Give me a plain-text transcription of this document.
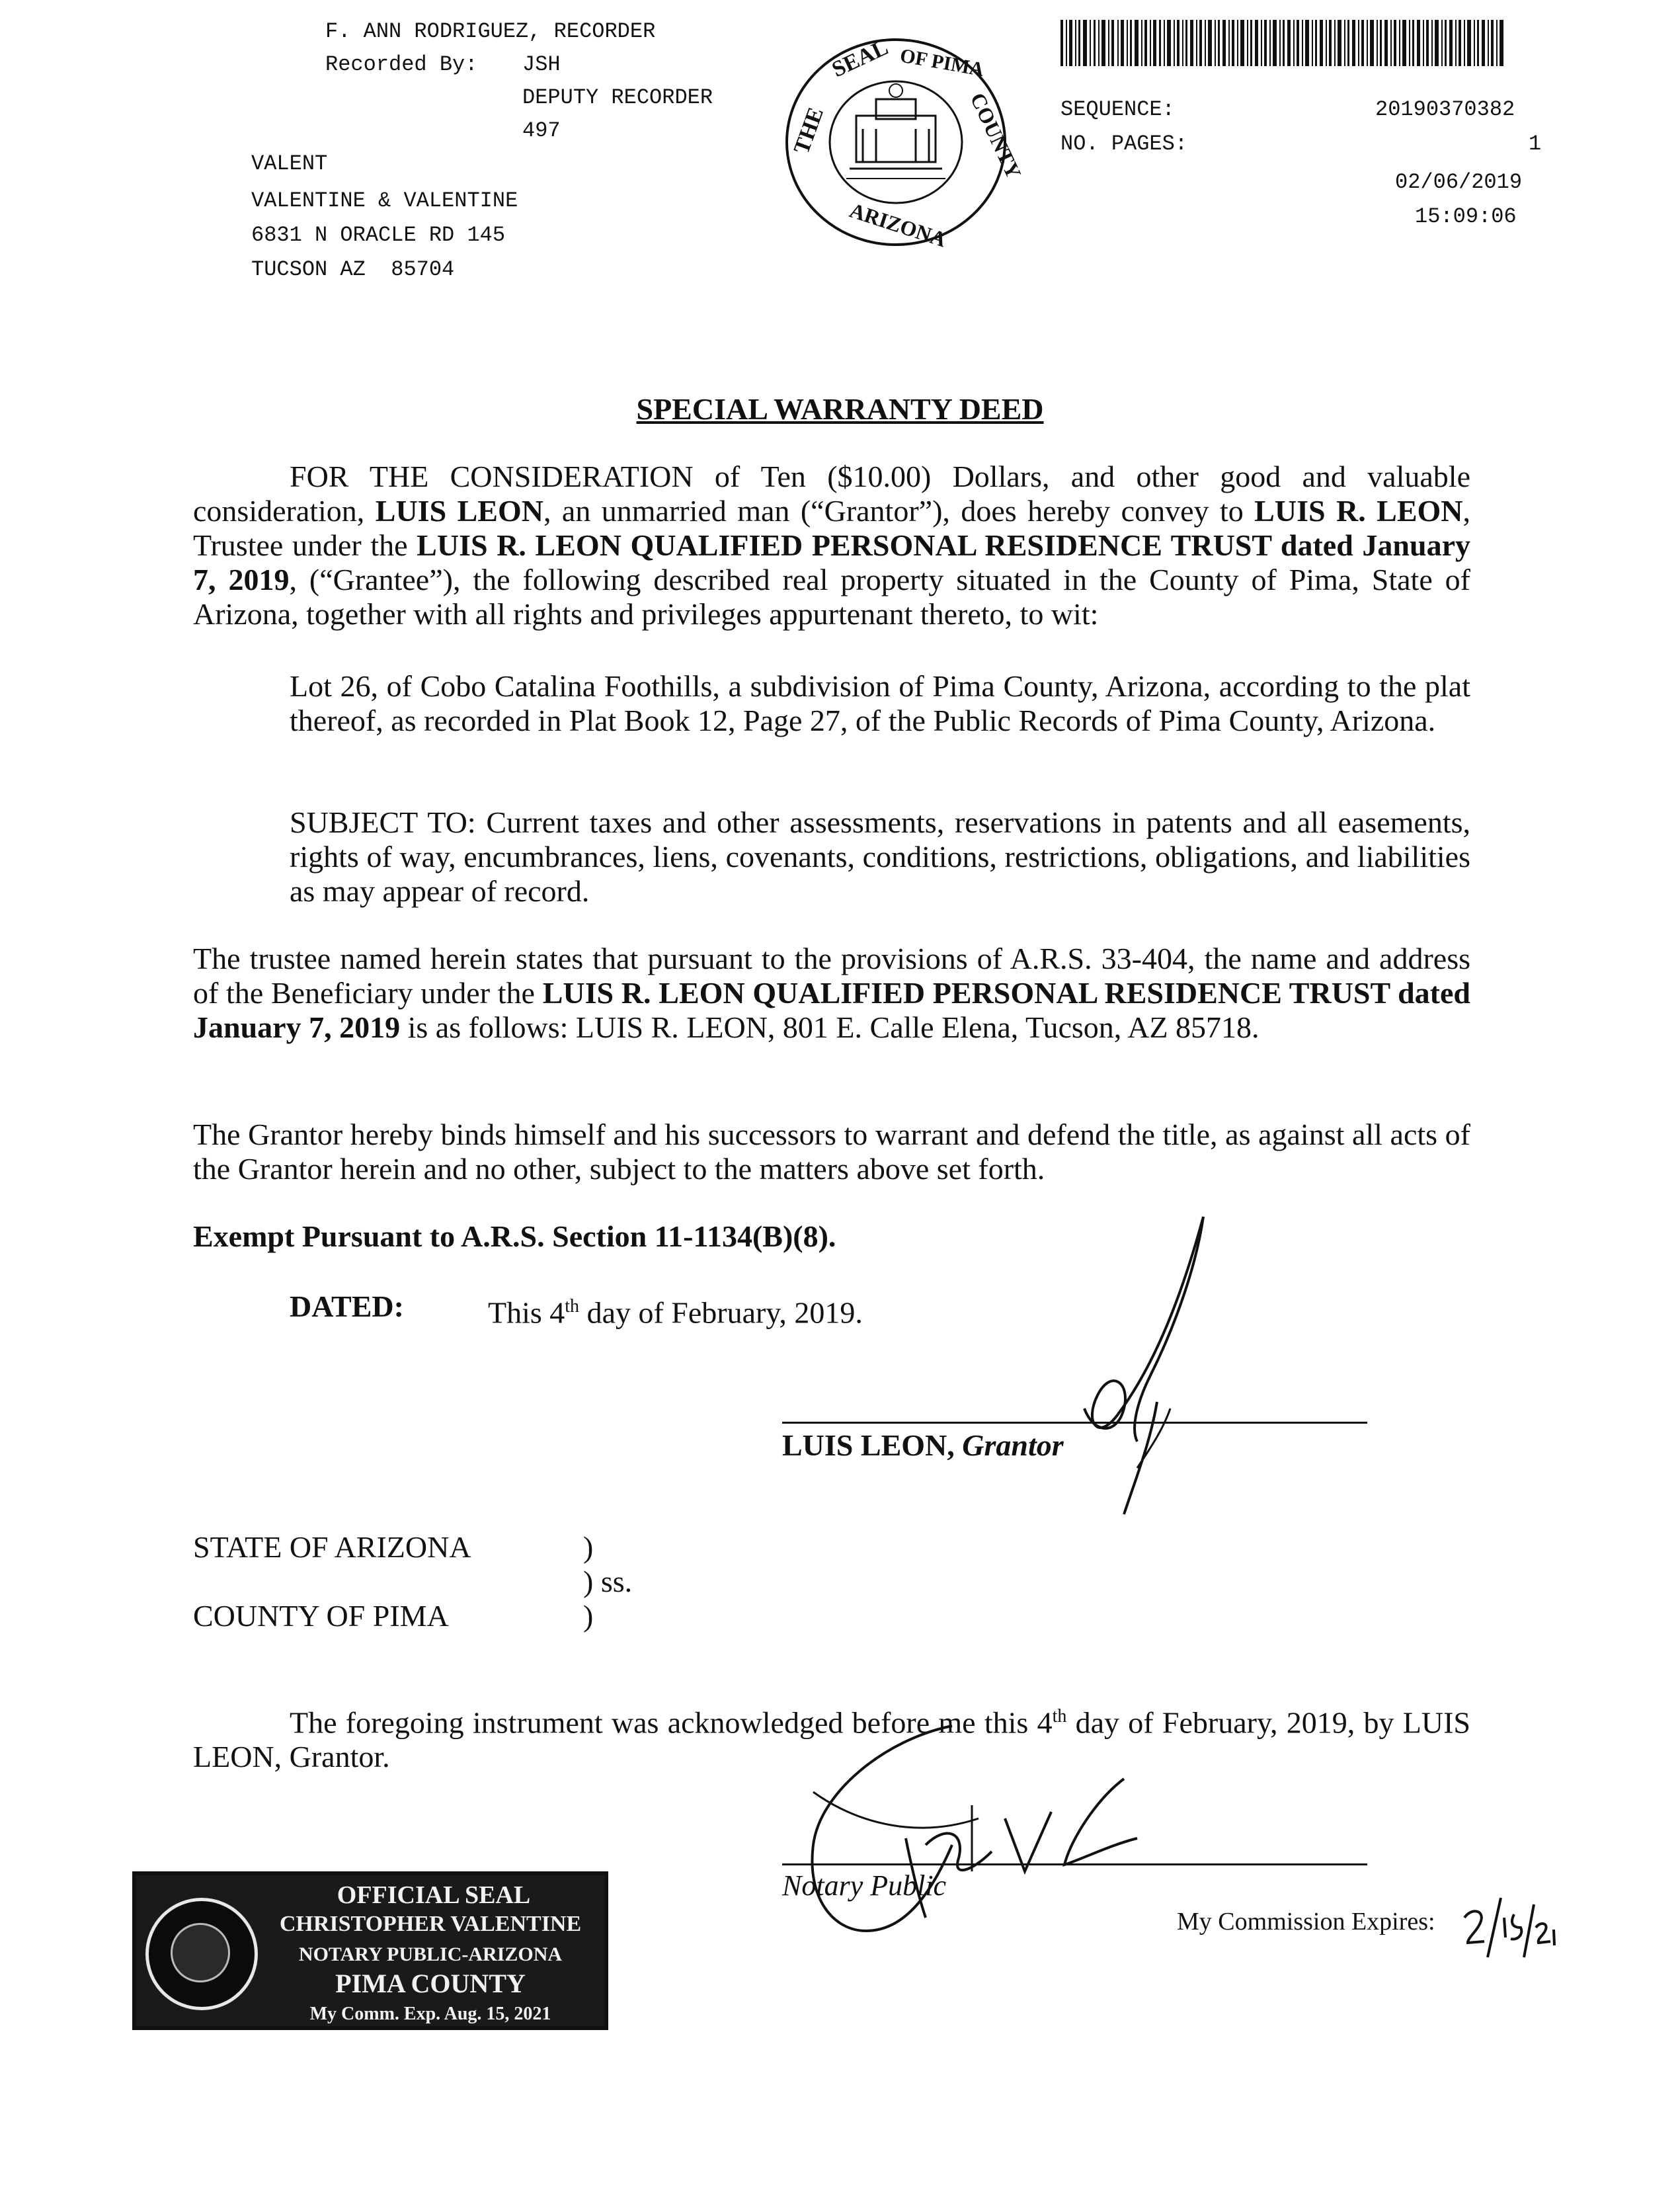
F. ANN RODRIGUEZ, RECORDER
Recorded By: JSH
DEPUTY RECORDER
497
VALENT
VALENTINE & VALENTINE
6831 N ORACLE RD 145
TUCSON AZ  85704
THE
SEAL OF PIMA
COUNTY
ARIZONA
SEQUENCE:	20190370382
NO. PAGES:	1
02/06/2019
15:09:06
SPECIAL WARRANTY DEED
FOR THE CONSIDERATION of Ten ($10.00) Dollars, and other good and valuable consideration, LUIS LEON, an unmarried man (“Grantor”), does hereby convey to LUIS R. LEON, Trustee under the LUIS R. LEON QUALIFIED PERSONAL RESIDENCE TRUST dated January 7, 2019, (“Grantee”), the following described real property situated in the County of Pima, State of Arizona, together with all rights and privileges appurtenant thereto, to wit:
Lot 26, of Cobo Catalina Foothills, a subdivision of Pima County, Arizona, according to the plat thereof, as recorded in Plat Book 12, Page 27, of the Public Records of Pima County, Arizona.
SUBJECT TO: Current taxes and other assessments, reservations in patents and all easements, rights of way, encumbrances, liens, covenants, conditions, restrictions, obligations, and liabilities as may appear of record.
The trustee named herein states that pursuant to the provisions of A.R.S. 33-404, the name and address of the Beneficiary under the LUIS R. LEON QUALIFIED PERSONAL RESIDENCE TRUST dated January 7, 2019 is as follows: LUIS R. LEON, 801 E. Calle Elena, Tucson, AZ 85718.
The Grantor hereby binds himself and his successors to warrant and defend the title, as against all acts of the Grantor herein and no other, subject to the matters above set forth.
Exempt Pursuant to A.R.S. Section 11-1134(B)(8).
DATED:	This 4th day of February, 2019.
LUIS LEON, Grantor
STATE OF ARIZONA	)
) ss.
COUNTY OF PIMA	)
The foregoing instrument was acknowledged before me this 4th day of February, 2019, by LUIS LEON, Grantor.
Notary Public
My Commission Expires:
OFFICIAL SEAL
CHRISTOPHER VALENTINE
NOTARY PUBLIC-ARIZONA
PIMA COUNTY
My Comm. Exp. Aug. 15, 2021
